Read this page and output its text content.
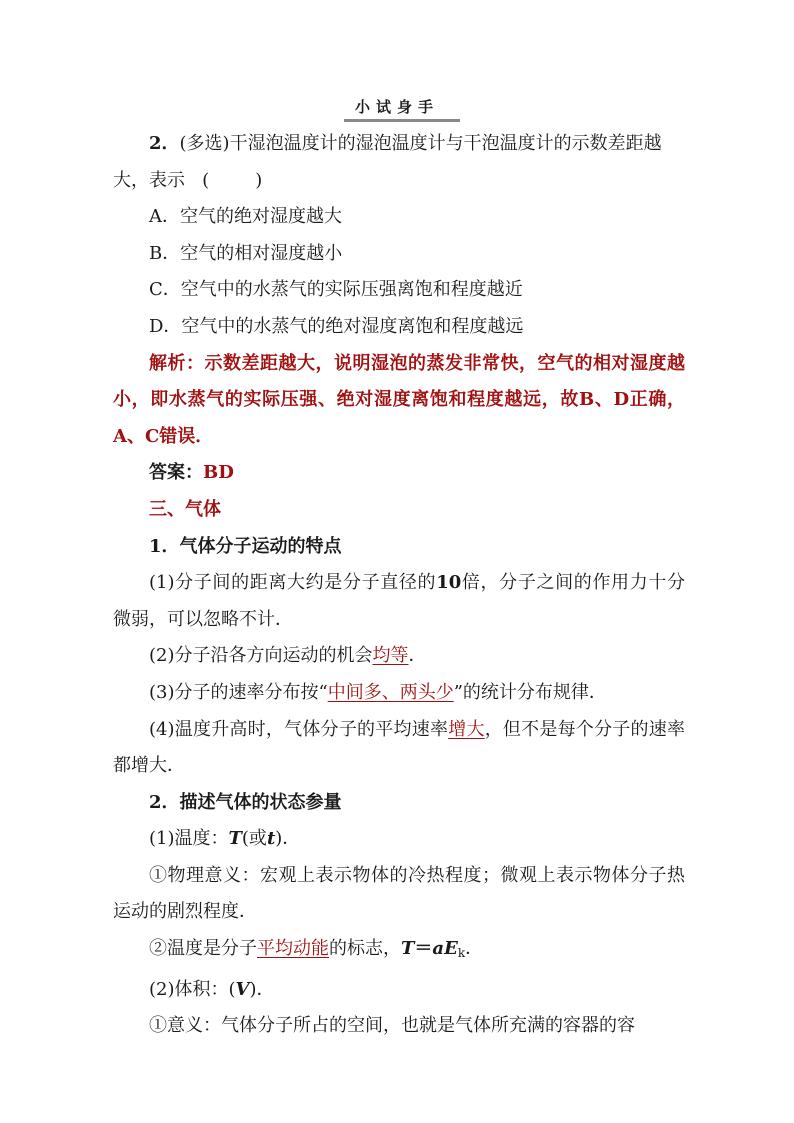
小试身手

2．(多选)干湿泡温度计的湿泡温度计与干泡温度计的示数差距越

大，表示 (	)

A．空气的绝对湿度越大

B．空气的相对湿度越小

C．空气中的水蒸气的实际压强离饱和程度越近

D．空气中的水蒸气的绝对湿度离饱和程度越远

解析：示数差距越大，说明湿泡的蒸发非常快，空气的相对湿度越小，即水蒸气的实际压强、绝对湿度离饱和程度越远，故B、D正确，A、C错误．

答案：BD

三、气体

1．气体分子运动的特点

(1)分子间的距离大约是分子直径的10倍，分子之间的作用力十分微弱，可以忽略不计．

(2)分子沿各方向运动的机会均等．

(3)分子的速率分布按“中间多、两头少”的统计分布规律．

(4)温度升高时，气体分子的平均速率增大，但不是每个分子的速率都增大．

2．描述气体的状态参量

(1)温度：T(或t)．

①物理意义：宏观上表示物体的冷热程度；微观上表示物体分子热运动的剧烈程度．

②温度是分子平均动能的标志，$T=aE_k$．

(2)体积：(V)．

①意义：气体分子所占的空间，也就是气体所充满的容器的容
